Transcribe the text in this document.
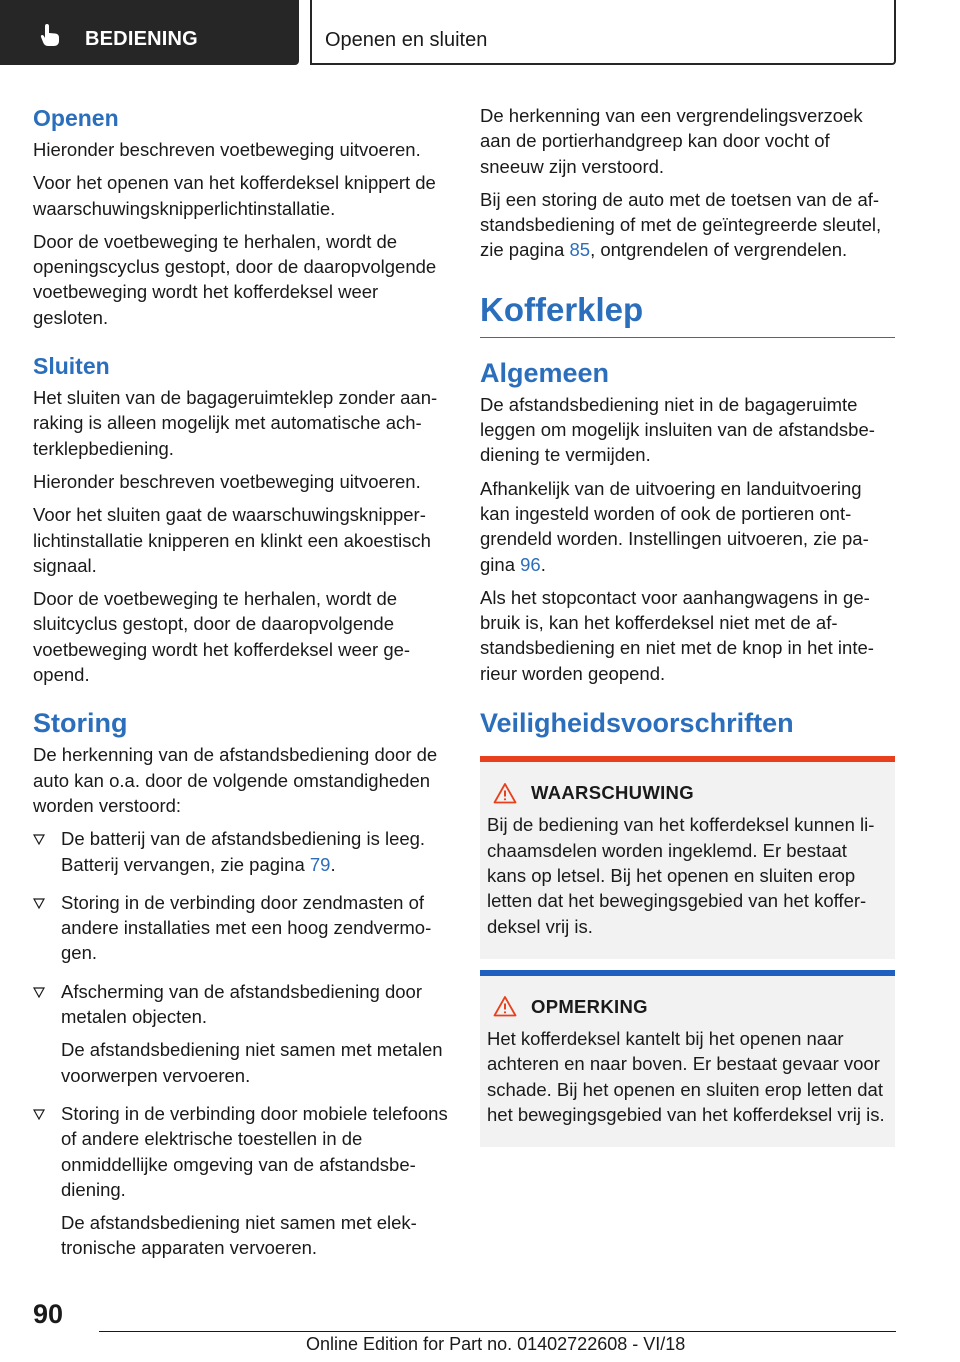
BEDIENING	Openen en sluiten
Openen
Hieronder beschreven voetbeweging uitvoeren.
Voor het openen van het kofferdeksel knippert de waarschuwingsknipperlichtinstallatie.
Door de voetbeweging te herhalen, wordt de openingscyclus gestopt, door de daaropvolgende voetbeweging wordt het kofferdeksel weer gesloten.
Sluiten
Het sluiten van de bagageruimteklep zonder aanraking is alleen mogelijk met automatische achterklepbediening.
Hieronder beschreven voetbeweging uitvoeren.
Voor het sluiten gaat de waarschuwingsknipperlichtinstallatie knipperen en klinkt een akoestisch signaal.
Door de voetbeweging te herhalen, wordt de sluitcyclus gestopt, door de daaropvolgende voetbeweging wordt het kofferdeksel weer geopend.
Storing
De herkenning van de afstandsbediening door de auto kan o.a. door de volgende omstandigheden worden verstoord:
De batterij van de afstandsbediening is leeg. Batterij vervangen, zie pagina 79.
Storing in de verbinding door zendmasten of andere installaties met een hoog zendvermogen.
Afscherming van de afstandsbediening door metalen objecten.
De afstandsbediening niet samen met metalen voorwerpen vervoeren.
Storing in de verbinding door mobiele telefoons of andere elektrische toestellen in de onmiddellijke omgeving van de afstandsbediening.
De afstandsbediening niet samen met elektronische apparaten vervoeren.
De herkenning van een vergrendelingsverzoek aan de portierhandgreep kan door vocht of sneeuw zijn verstoord.
Bij een storing de auto met de toetsen van de afstandsbediening of met de geïntegreerde sleutel, zie pagina 85, ontgrendelen of vergrendelen.
Kofferklep
Algemeen
De afstandsbediening niet in de bagageruimte leggen om mogelijk insluiten van de afstandsbediening te vermijden.
Afhankelijk van de uitvoering en landuitvoering kan ingesteld worden of ook de portieren ontgrendeld worden. Instellingen uitvoeren, zie pagina 96.
Als het stopcontact voor aanhangwagens in gebruik is, kan het kofferdeksel niet met de afstandsbediening en niet met de knop in het interieur worden geopend.
Veiligheidsvoorschriften
WAARSCHUWING
Bij de bediening van het kofferdeksel kunnen lichaamsdelen worden ingeklemd. Er bestaat kans op letsel. Bij het openen en sluiten erop letten dat het bewegingsgebied van het kofferdeksel vrij is.
OPMERKING
Het kofferdeksel kantelt bij het openen naar achteren en naar boven. Er bestaat gevaar voor schade. Bij het openen en sluiten erop letten dat het bewegingsgebied van het kofferdeksel vrij is.
90
Online Edition for Part no. 01402722608 - VI/18
